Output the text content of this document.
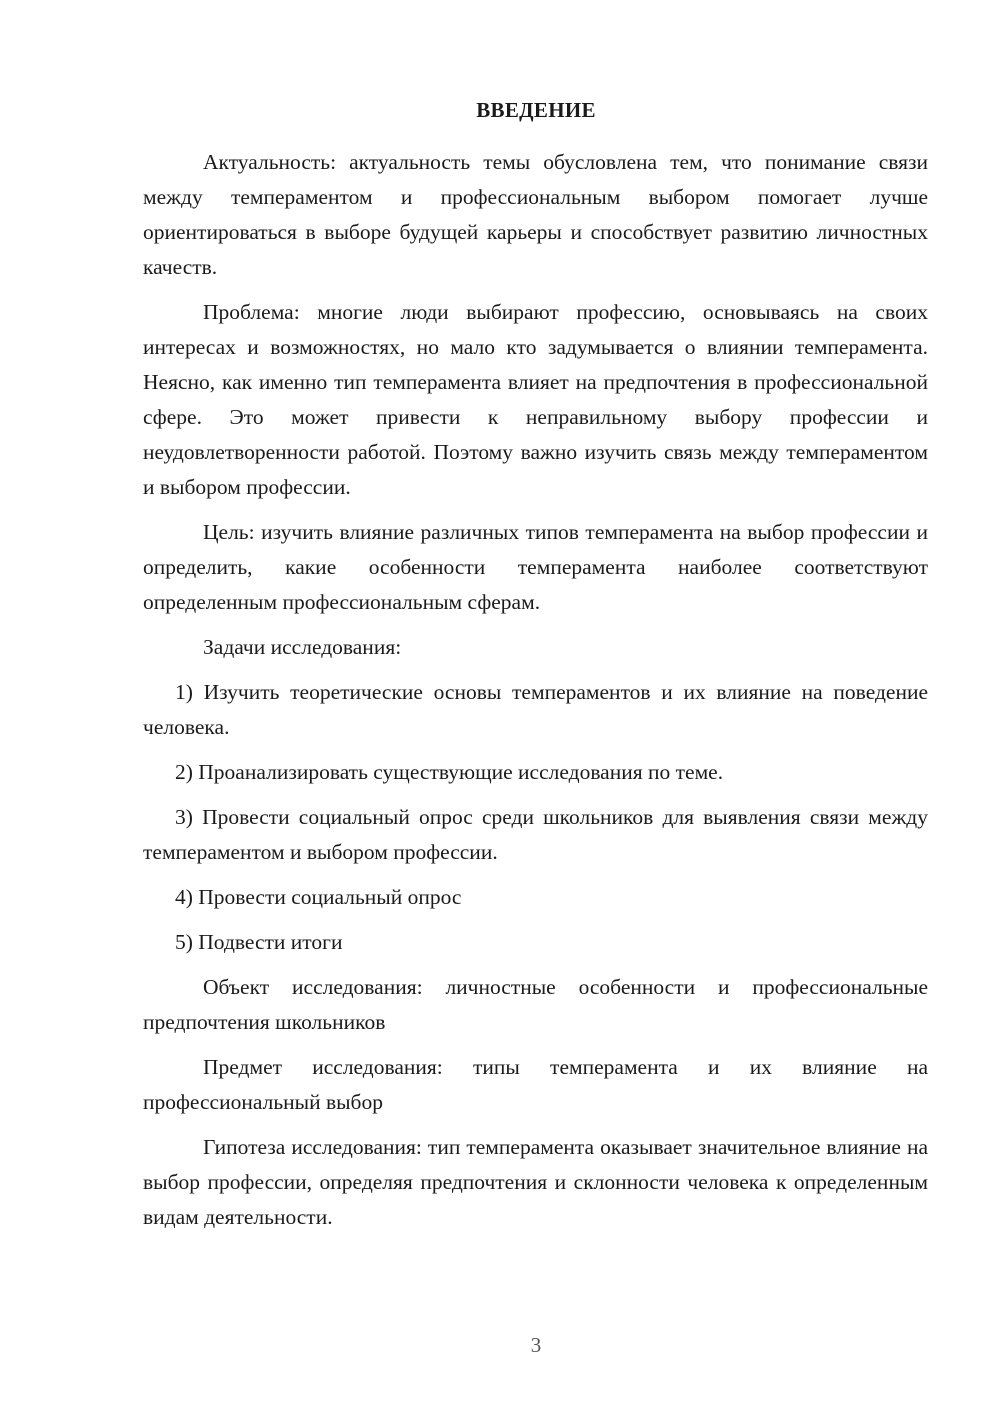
ВВЕДЕНИЕ

Актуальность: актуальность темы обусловлена тем, что понимание связи между темпераментом и профессиональным выбором помогает лучше ориентироваться в выборе будущей карьеры и способствует развитию личностных качеств.

Проблема: многие люди выбирают профессию, основываясь на своих интересах и возможностях, но мало кто задумывается о влиянии темперамента. Неясно, как именно тип темперамента влияет на предпочтения в профессиональной сфере. Это может привести к неправильному выбору профессии и неудовлетворенности работой. Поэтому важно изучить связь между темпераментом и выбором профессии.

Цель: изучить влияние различных типов темперамента на выбор профессии и определить, какие особенности темперамента наиболее соответствуют определенным профессиональным сферам.

Задачи исследования:

1) Изучить теоретические основы темпераментов и их влияние на поведение человека.

2) Проанализировать существующие исследования по теме.

3) Провести социальный опрос среди школьников для выявления связи между темпераментом и выбором профессии.

4) Провести социальный опрос

5) Подвести итоги

Объект исследования: личностные особенности и профессиональные предпочтения школьников

Предмет исследования: типы темперамента и их влияние на профессиональный выбор

Гипотеза исследования: тип темперамента оказывает значительное влияние на выбор профессии, определяя предпочтения и склонности человека к определенным видам деятельности.

3
